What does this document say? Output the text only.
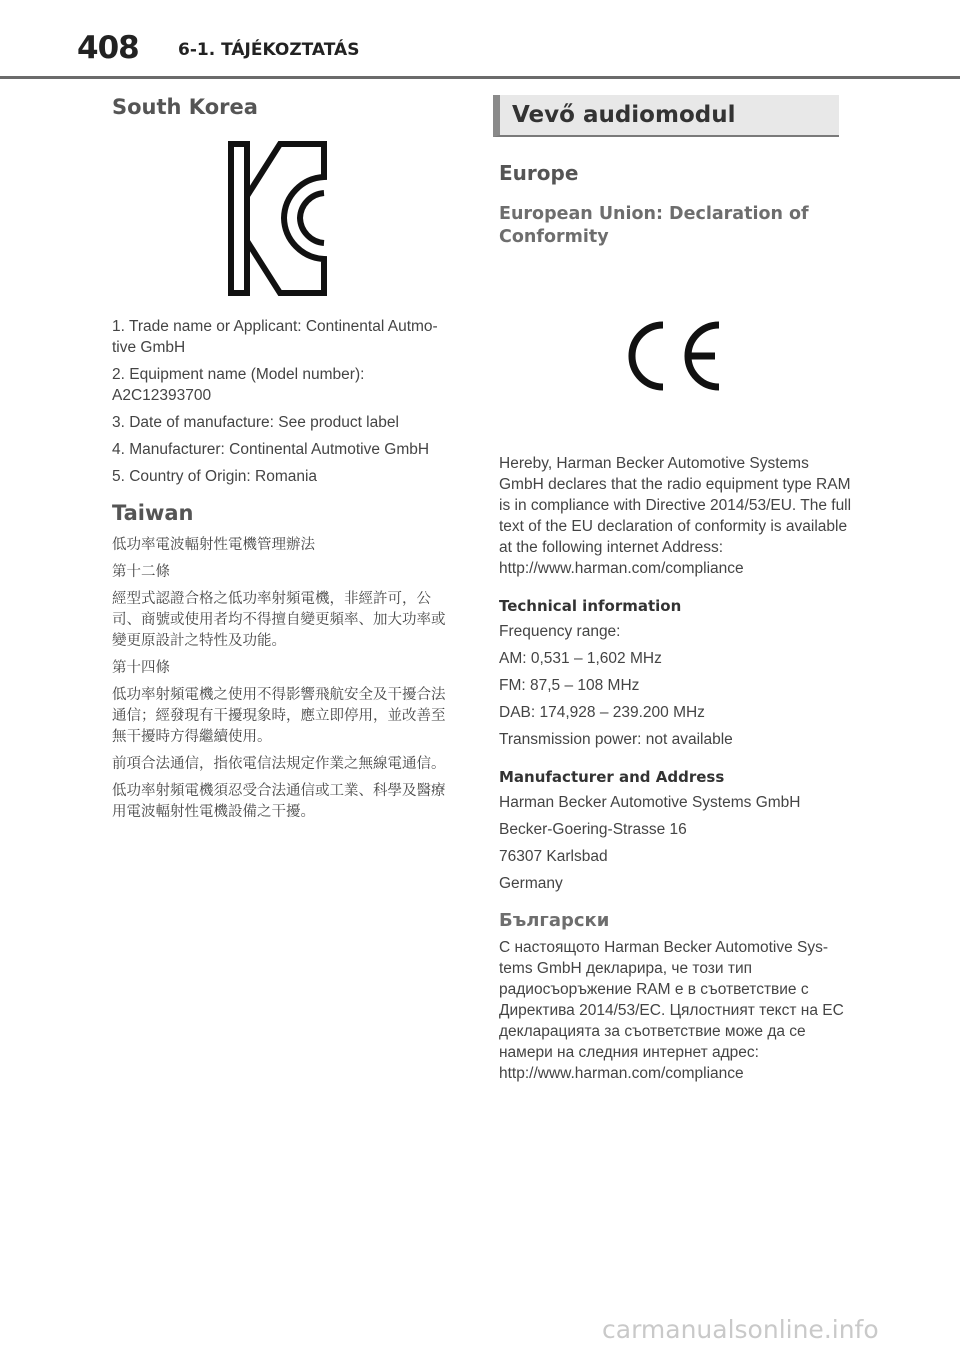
408 6-1. TÁJÉKOZTATÁS
South Korea

1. Trade name or Applicant: Continental Autmo-tive GmbH

2. Equipment name (Model number): A2C12393700

3. Date of manufacture: See product label

4. Manufacturer: Continental Autmotive GmbH

5. Country of Origin: Romania

Taiwan

低功率電波輻射性電機管理辦法

第十二條

經型式認證合格之低功率射頻電機，非經許可，公司、商號或使用者均不得擅自變更頻率、加大功率或變更原設計之特性及功能。

第十四條

低功率射頻電機之使用不得影響飛航安全及干擾合法通信；經發現有干擾現象時，應立即停用，並改善至無干擾時方得繼續使用。

前項合法通信，指依電信法規定作業之無線電通信。

低功率射頻電機須忍受合法通信或工業、科學及醫療用電波輻射性電機設備之干擾。

Vevő audiomodul
Europe
European Union: Declaration of Conformity

Hereby, Harman Becker Automotive Systems GmbH declares that the radio equipment type RAM is in compliance with Directive 2014/53/EU. The full text of the EU declaration of conformity is available at the following internet Address: http://www.harman.com/compliance

Technical information

Frequency range:

AM: 0,531 – 1,602 MHz

FM: 87,5 – 108 MHz

DAB: 174,928 – 239.200 MHz

Transmission power: not available

Manufacturer and Address

Harman Becker Automotive Systems GmbH

Becker-Goering-Strasse 16

76307 Karlsbad

Germany

Български

С настоящото Harman Becker Automotive Sys-tems GmbH декларира, че този тип радиосъоръжение RAM е в съответствие с Директива 2014/53/ЕС. Цялостният текст на ЕС декларацията за съответствие може да се намери на следния интернет адрес: http://www.harman.com/compliance

carmanualsonline.info
